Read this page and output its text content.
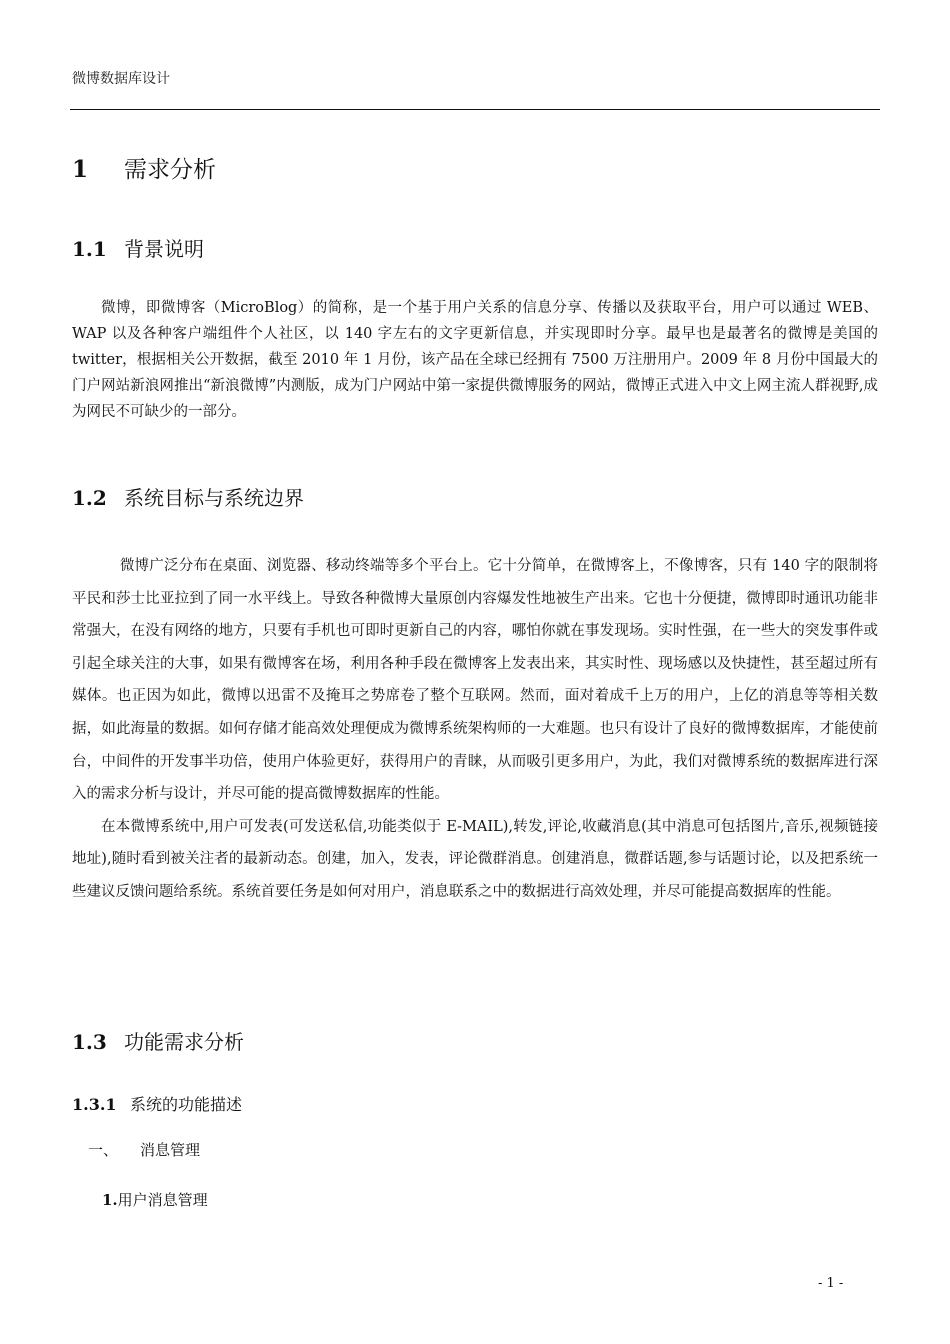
微博数据库设计
1 需求分析
1.1 背景说明

微博，即微博客（MicroBlog）的简称，是一个基于用户关系的信息分享、传播以及获取平台，用户可以通过 WEB、WAP 以及各种客户端组件个人社区，以 140 字左右的文字更新信息，并实现即时分享。最早也是最著名的微博是美国的 twitter，根据相关公开数据，截至 2010 年 1 月份，该产品在全球已经拥有 7500 万注册用户。2009 年 8 月份中国最大的门户网站新浪网推出“新浪微博”内测版，成为门户网站中第一家提供微博服务的网站，微博正式进入中文上网主流人群视野,成为网民不可缺少的一部分。

1.2 系统目标与系统边界

微博广泛分布在桌面、浏览器、移动终端等多个平台上。它十分简单，在微博客上，不像博客，只有 140 字的限制将平民和莎士比亚拉到了同一水平线上。导致各种微博大量原创内容爆发性地被生产出来。它也十分便捷，微博即时通讯功能非常强大，在没有网络的地方，只要有手机也可即时更新自己的内容，哪怕你就在事发现场。实时性强，在一些大的突发事件或引起全球关注的大事，如果有微博客在场，利用各种手段在微博客上发表出来，其实时性、现场感以及快捷性，甚至超过所有媒体。也正因为如此，微博以迅雷不及掩耳之势席卷了整个互联网。然而，面对着成千上万的用户，上亿的消息等等相关数据，如此海量的数据。如何存储才能高效处理便成为微博系统架构师的一大难题。也只有设计了良好的微博数据库，才能使前台，中间件的开发事半功倍，使用户体验更好，获得用户的青睐，从而吸引更多用户，为此，我们对微博系统的数据库进行深入的需求分析与设计，并尽可能的提高微博数据库的性能。

在本微博系统中,用户可发表(可发送私信,功能类似于 E-MAIL),转发,评论,收藏消息(其中消息可包括图片,音乐,视频链接地址),随时看到被关注者的最新动态。创建，加入，发表，评论微群消息。创建消息，微群话题,参与话题讨论，以及把系统一些建议反馈问题给系统。系统首要任务是如何对用户，消息联系之中的数据进行高效处理，并尽可能提高数据库的性能。

1.3 功能需求分析
1.3.1 系统的功能描述
一、 消息管理
1.用户消息管理
- 1 -
